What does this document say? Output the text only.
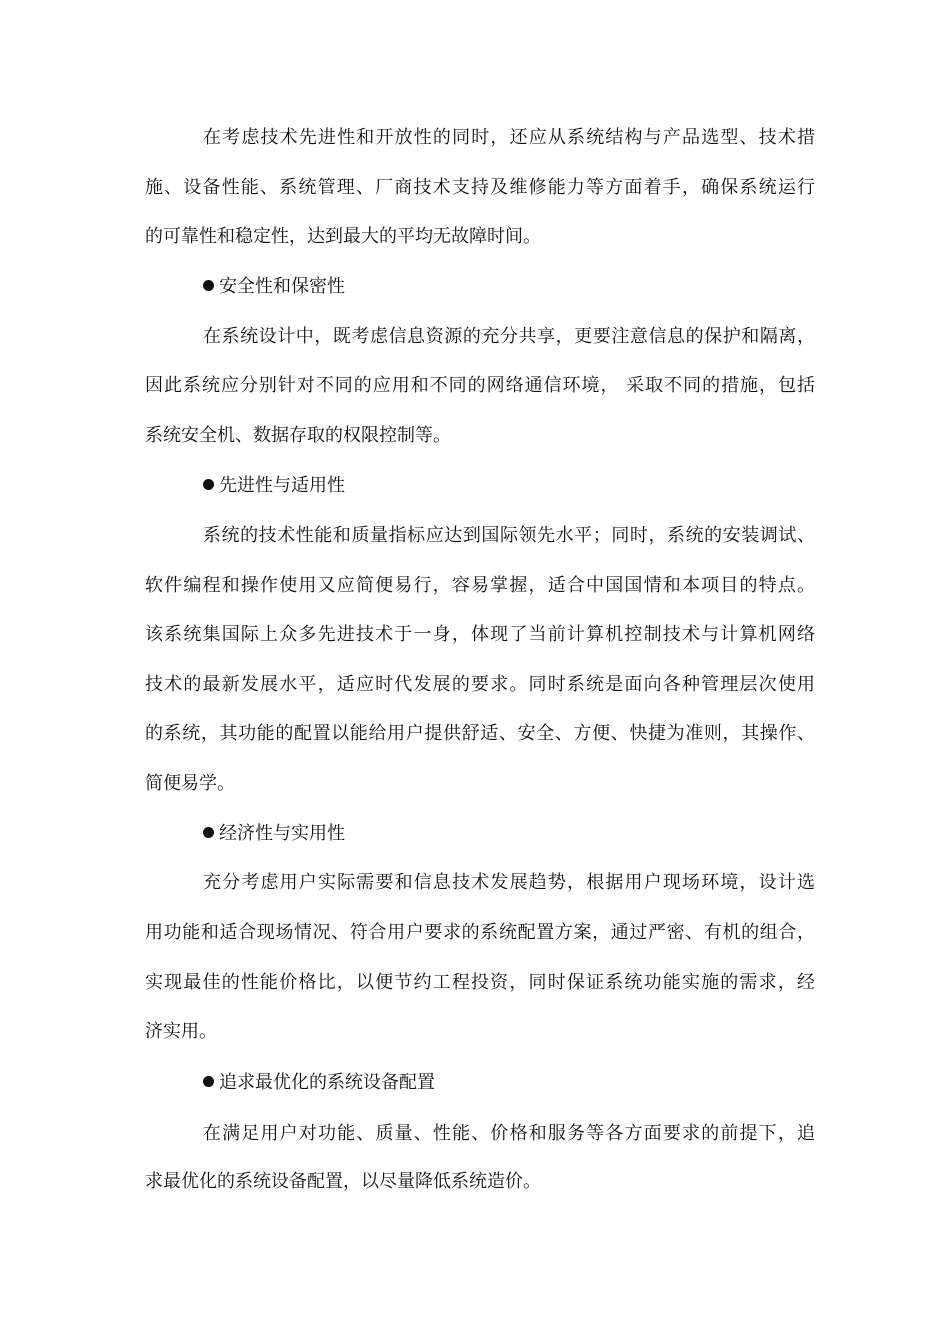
在考虑技术先进性和开放性的同时，还应从系统结构与产品选型、技术措
施、设备性能、系统管理、厂商技术支持及维修能力等方面着手，确保系统运行
的可靠性和稳定性，达到最大的平均无故障时间。
安全性和保密性
在系统设计中，既考虑信息资源的充分共享，更要注意信息的保护和隔离，
因此系统应分别针对不同的应用和不同的网络通信环境， 采取不同的措施，包括
系统安全机、数据存取的权限控制等。
先进性与适用性
系统的技术性能和质量指标应达到国际领先水平；同时，系统的安装调试、
软件编程和操作使用又应简便易行，容易掌握，适合中国国情和本项目的特点。
该系统集国际上众多先进技术于一身，体现了当前计算机控制技术与计算机网络
技术的最新发展水平，适应时代发展的要求。同时系统是面向各种管理层次使用
的系统，其功能的配置以能给用户提供舒适、安全、方便、快捷为准则，其操作、
简便易学。
经济性与实用性
充分考虑用户实际需要和信息技术发展趋势，根据用户现场环境，设计选
用功能和适合现场情况、符合用户要求的系统配置方案，通过严密、有机的组合，
实现最佳的性能价格比，以便节约工程投资，同时保证系统功能实施的需求，经
济实用。
追求最优化的系统设备配置
在满足用户对功能、质量、性能、价格和服务等各方面要求的前提下，追
求最优化的系统设备配置，以尽量降低系统造价。
